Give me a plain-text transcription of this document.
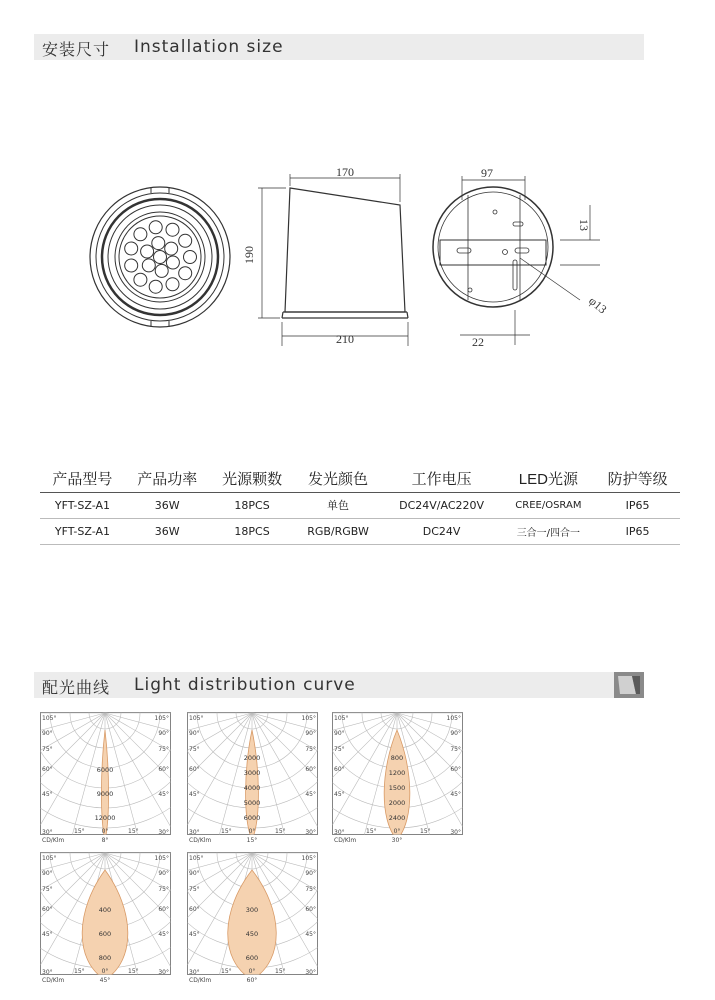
安装尺寸 Installation size
170
210
190
97
13
φ13
22
产品型号	产品功率	光源颗数	发光颜色	工作电压	LED光源	防护等级
YFT-SZ-A1	36W	18PCS	单色	DC24V/AC220V	CREE/OSRAM	IP65
YFT-SZ-A1	36W	18PCS	RGB/RGBW	DC24V	三合一/四合一	IP65
配光曲线 Light distribution curve
105°	105°
90°	90°
75°	75°
60°	60°
45°	45°
30°	30°
15°	15°
0°
6000
9000
12000
CD/Klm	8°
105°	105°
90°	90°
75°	75°
60°	60°
45°	45°
30°	30°
15°	15°
0°
2000
3000
4000
5000
6000
CD/Klm	15°
105°	105°
90°	90°
75°	75°
60°	60°
45°	45°
30°	30°
15°	15°
0°
800
1200
1500
2000
2400
CD/Klm	30°
105°	105°
90°	90°
75°	75°
60°	60°
45°	45°
30°	30°
15°	15°
0°
400
600
800
CD/Klm	45°
105°	105°
90°	90°
75°	75°
60°	60°
45°	45°
30°	30°
15°	15°
0°
300
450
600
CD/Klm	60°
